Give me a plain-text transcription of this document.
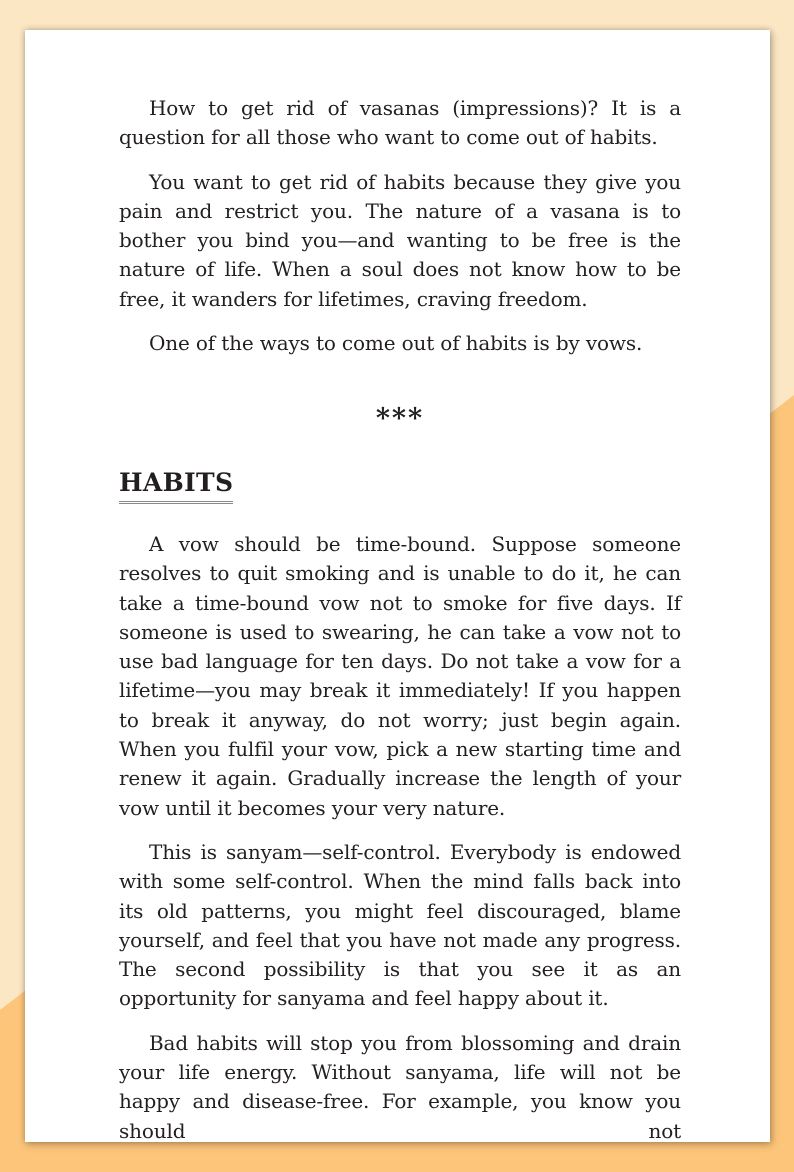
How to get rid of vasanas (impressions)? It is a question for all those who want to come out of habits.

You want to get rid of habits because they give you pain and restrict you. The nature of a vasana is to bother you bind you—and wanting to be free is the nature of life. When a soul does not know how to be free, it wanders for lifetimes, craving freedom.

One of the ways to come out of habits is by vows.

***
HABITS

A vow should be time-bound. Suppose someone resolves to quit smoking and is unable to do it, he can take a time-bound vow not to smoke for five days. If someone is used to swearing, he can take a vow not to use bad language for ten days. Do not take a vow for a lifetime—you may break it immediately! If you happen to break it anyway, do not worry; just begin again. When you fulfil your vow, pick a new starting time and renew it again. Gradually increase the length of your vow until it becomes your very nature.

This is sanyam—self-control. Everybody is endowed with some self-control. When the mind falls back into its old patterns, you might feel discouraged, blame yourself, and feel that you have not made any progress. The second possibility is that you see it as an opportunity for sanyama and feel happy about it.

Bad habits will stop you from blossoming and drain your life energy. Without sanyama, life will not be happy and disease-free. For example, you know you should not
